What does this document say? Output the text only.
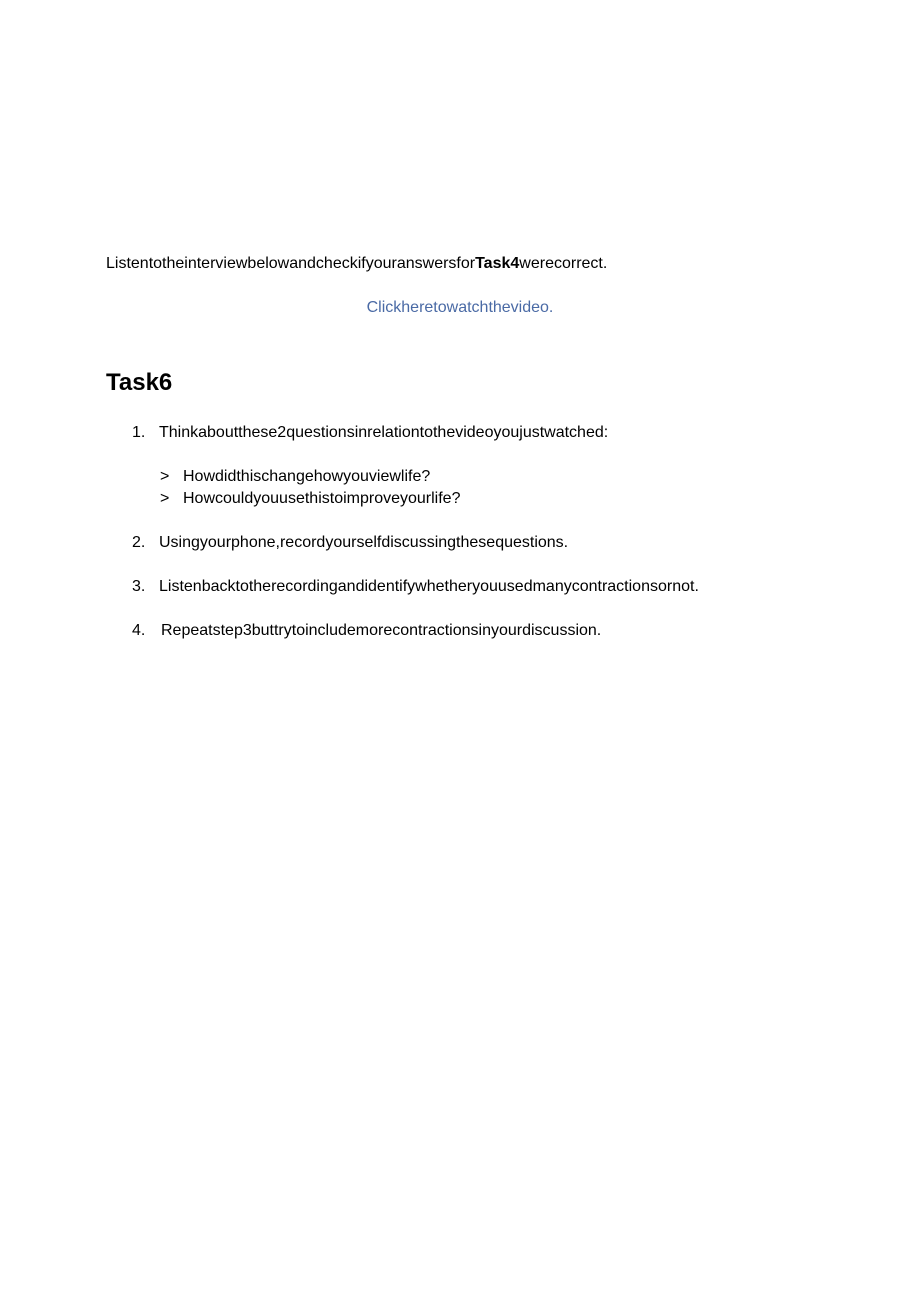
ListentotheinterviewbelowandcheckifyouranswersforTask4werecorrect.
Clickheretowatchthevideo.
Task6
1. Thinkaboutthese2questionsinrelationtothevideoyoujustwatched:
> Howdidthischangehowyouviewlife?
> Howcouldyouusethistoimproveyourlife?
2. Usingyourphone,recordyourselfdiscussingthesequestions.
3. Listenbacktotherecordingandidentifywhetheryouusedmanycontractionsornot.
4. Repeatstep3buttrytoincludemorecontractionsinyourdiscussion.
